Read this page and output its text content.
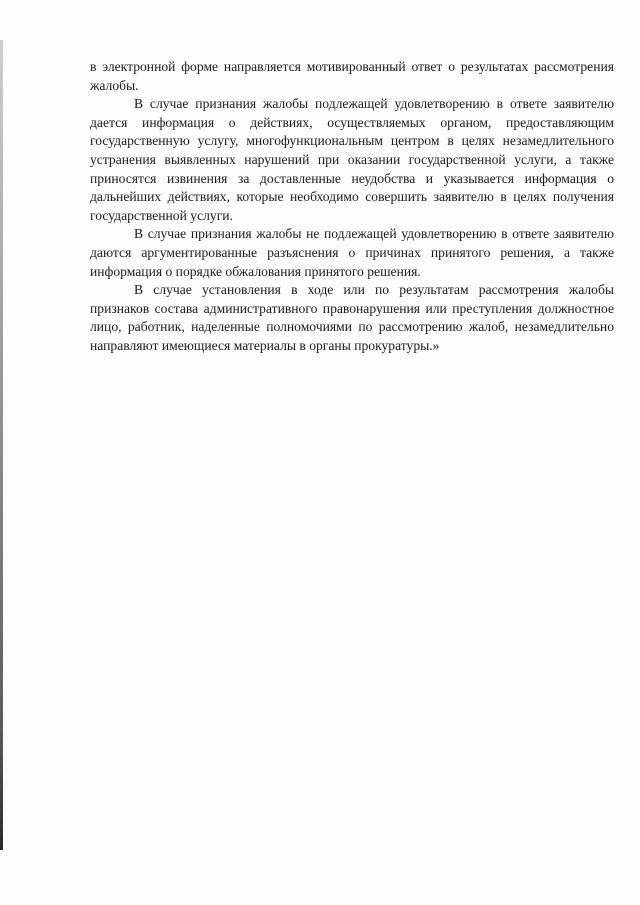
в электронной форме направляется мотивированный ответ о результатах рассмотрения жалобы.

В случае признания жалобы подлежащей удовлетворению в ответе заявителю дается информация о действиях, осуществляемых органом, предоставляющим государственную услугу, многофункциональным центром в целях незамедлительного устранения выявленных нарушений при оказании государственной услуги, а также приносятся извинения за доставленные неудобства и указывается информация о дальнейших действиях, которые необходимо совершить заявителю в целях получения государственной услуги.

В случае признания жалобы не подлежащей удовлетворению в ответе заявителю даются аргументированные разъяснения о причинах принятого решения, а также информация о порядке обжалования принятого решения.

В случае установления в ходе или по результатам рассмотрения жалобы признаков состава административного правонарушения или преступления должностное лицо, работник, наделенные полномочиями по рассмотрению жалоб, незамедлительно направляют имеющиеся материалы в органы прокуратуры.»
